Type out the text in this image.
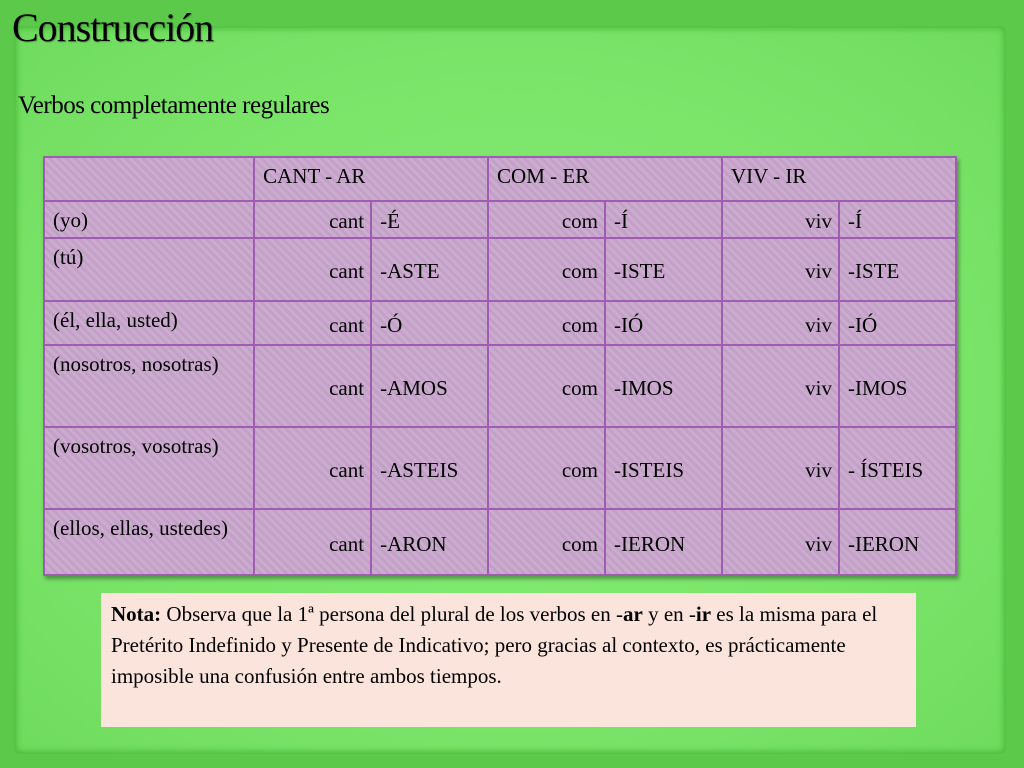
Construcción
Verbos completamente regulares
	CANT - AR		COM - ER		VIV - IR	
(yo)	cant	-É	com	-Í	viv	-Í
(tú)	cant	-ASTE	com	-ISTE	viv	-ISTE
(él, ella, usted)	cant	-Ó	com	-IÓ	viv	-IÓ
(nosotros, nosotras)	cant	-AMOS	com	-IMOS	viv	-IMOS
(vosotros, vosotras)	cant	-ASTEIS	com	-ISTEIS	viv	- ÍSTEIS
(ellos, ellas, ustedes)	cant	-ARON	com	-IERON	viv	-IERON
Nota: Observa que la 1ª persona del plural de los verbos en -ar y en -ir es la misma para el Pretérito Indefinido y Presente de Indicativo; pero gracias al contexto, es prácticamente imposible una confusión entre ambos tiempos.
